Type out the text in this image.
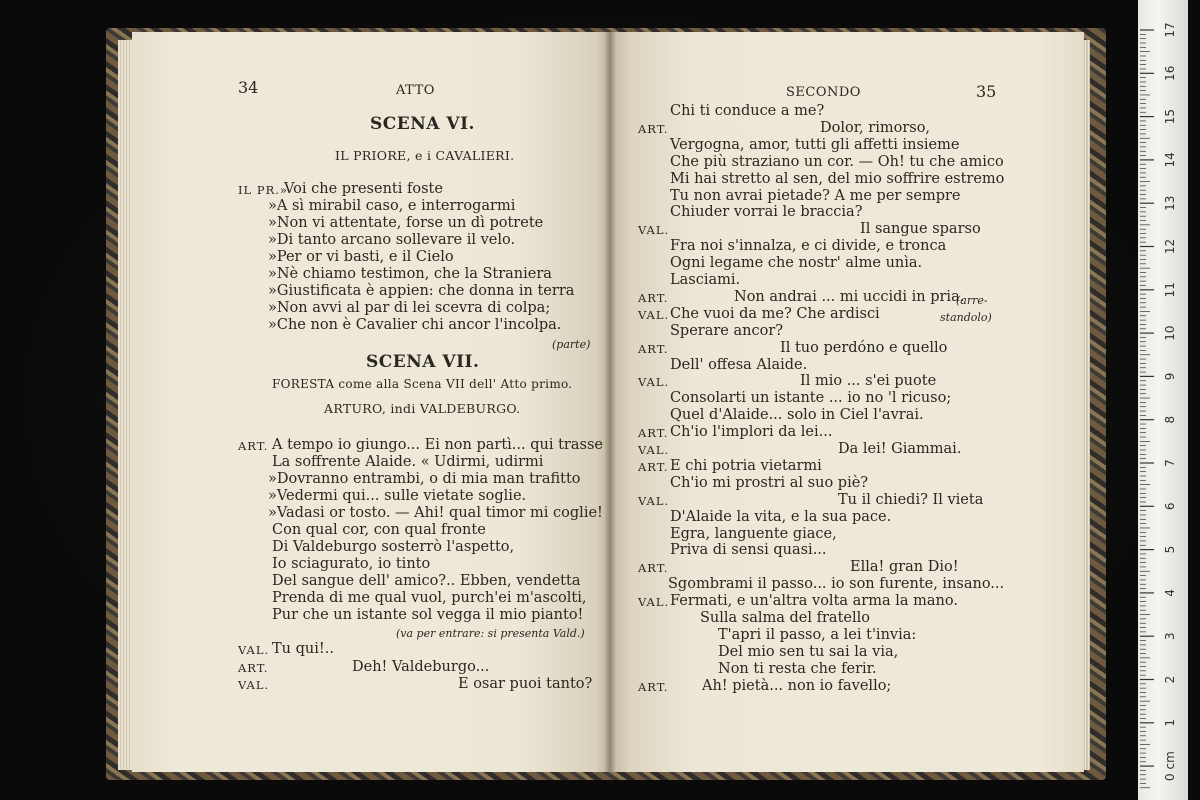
34	ATTO
SCENA VI.
IL PRIORE, e i CAVALIERI.
IL PR.»
Voi che presenti foste
»A sì mirabil caso, e interrogarmi
»Non vi attentate, forse un dì potrete
»Di tanto arcano sollevare il velo.
»Per or vi basti, e il Cielo
»Nè chiamo testimon, che la Straniera
»Giustificata è appien: che donna in terra
»Non avvi al par di lei scevra di colpa;
»Che non è Cavalier chi ancor l'incolpa.
(parte)
SCENA VII.
FORESTA come alla Scena VII dell' Atto primo.
ARTURO, indi VALDEBURGO.
ART. A tempo io giungo... Ei non partì... qui trasse
La soffrente Alaide. « Udirmi, udirmi
»Dovranno entrambi, o di mia man trafitto
»Vedermi qui... sulle vietate soglie.
»Vadasi or tosto. — Ahi! qual timor mi coglie!
Con qual cor, con qual fronte
Di Valdeburgo sosterrò l'aspetto,
Io sciagurato, io tinto
Del sangue dell' amico?.. Ebben, vendetta
Prenda di me qual vuol, purch'ei m'ascolti,
Pur che un istante sol vegga il mio pianto!
(va per entrare: si presenta Vald.)
VAL. Tu qui!..
ART.	Deh! Valdeburgo...
VAL.	E osar puoi tanto?
SECONDO	35
Chi ti conduce a me?
ART.	Dolor, rimorso,
Vergogna, amor, tutti gli affetti insieme
Che più straziano un cor. — Oh! tu che amico
Mi hai stretto al sen, del mio soffrire estremo
Tu non avrai pietade? A me per sempre
Chiuder vorrai le braccia?
VAL.	Il sangue sparso
Fra noi s'innalza, e ci divide, e tronca
Ogni legame che nostr' alme unìa.
Lasciami.
ART.	Non andrai ... mi uccidi in pria.
VAL. Che vuoi da me? Che ardisci
Sperare ancor?
ART.	Il tuo perdóno e quello
Dell' offesa Alaide.
VAL.	Il mio ... s'ei puote
Consolarti un istante ... io no 'l ricuso;
Quel d'Alaide... solo in Ciel l'avrai.
ART. Ch'io l'implori da lei...
VAL.	Da lei! Giammai.
ART. E chi potria vietarmi
Ch'io mi prostri al suo piè?
VAL.	Tu il chiedi? Il vieta
D'Alaide la vita, e la sua pace.
Egra, languente giace,
Priva di sensi quasi...
ART.	Ella! gran Dio!
Sgombrami il passo... io son furente, insano...
VAL. Fermati, e un'altra volta arma la mano.
Sulla salma del fratello
T'apri il passo, a lei t'invia:
Del mio sen tu sai la via,
Non ti resta che ferir.
ART. Ah! pietà... non io favello;
(arre-
standolo)
17
16
15
14
13
12
11
10
9
8
7
6
5
4
3
2
1
0 cm
